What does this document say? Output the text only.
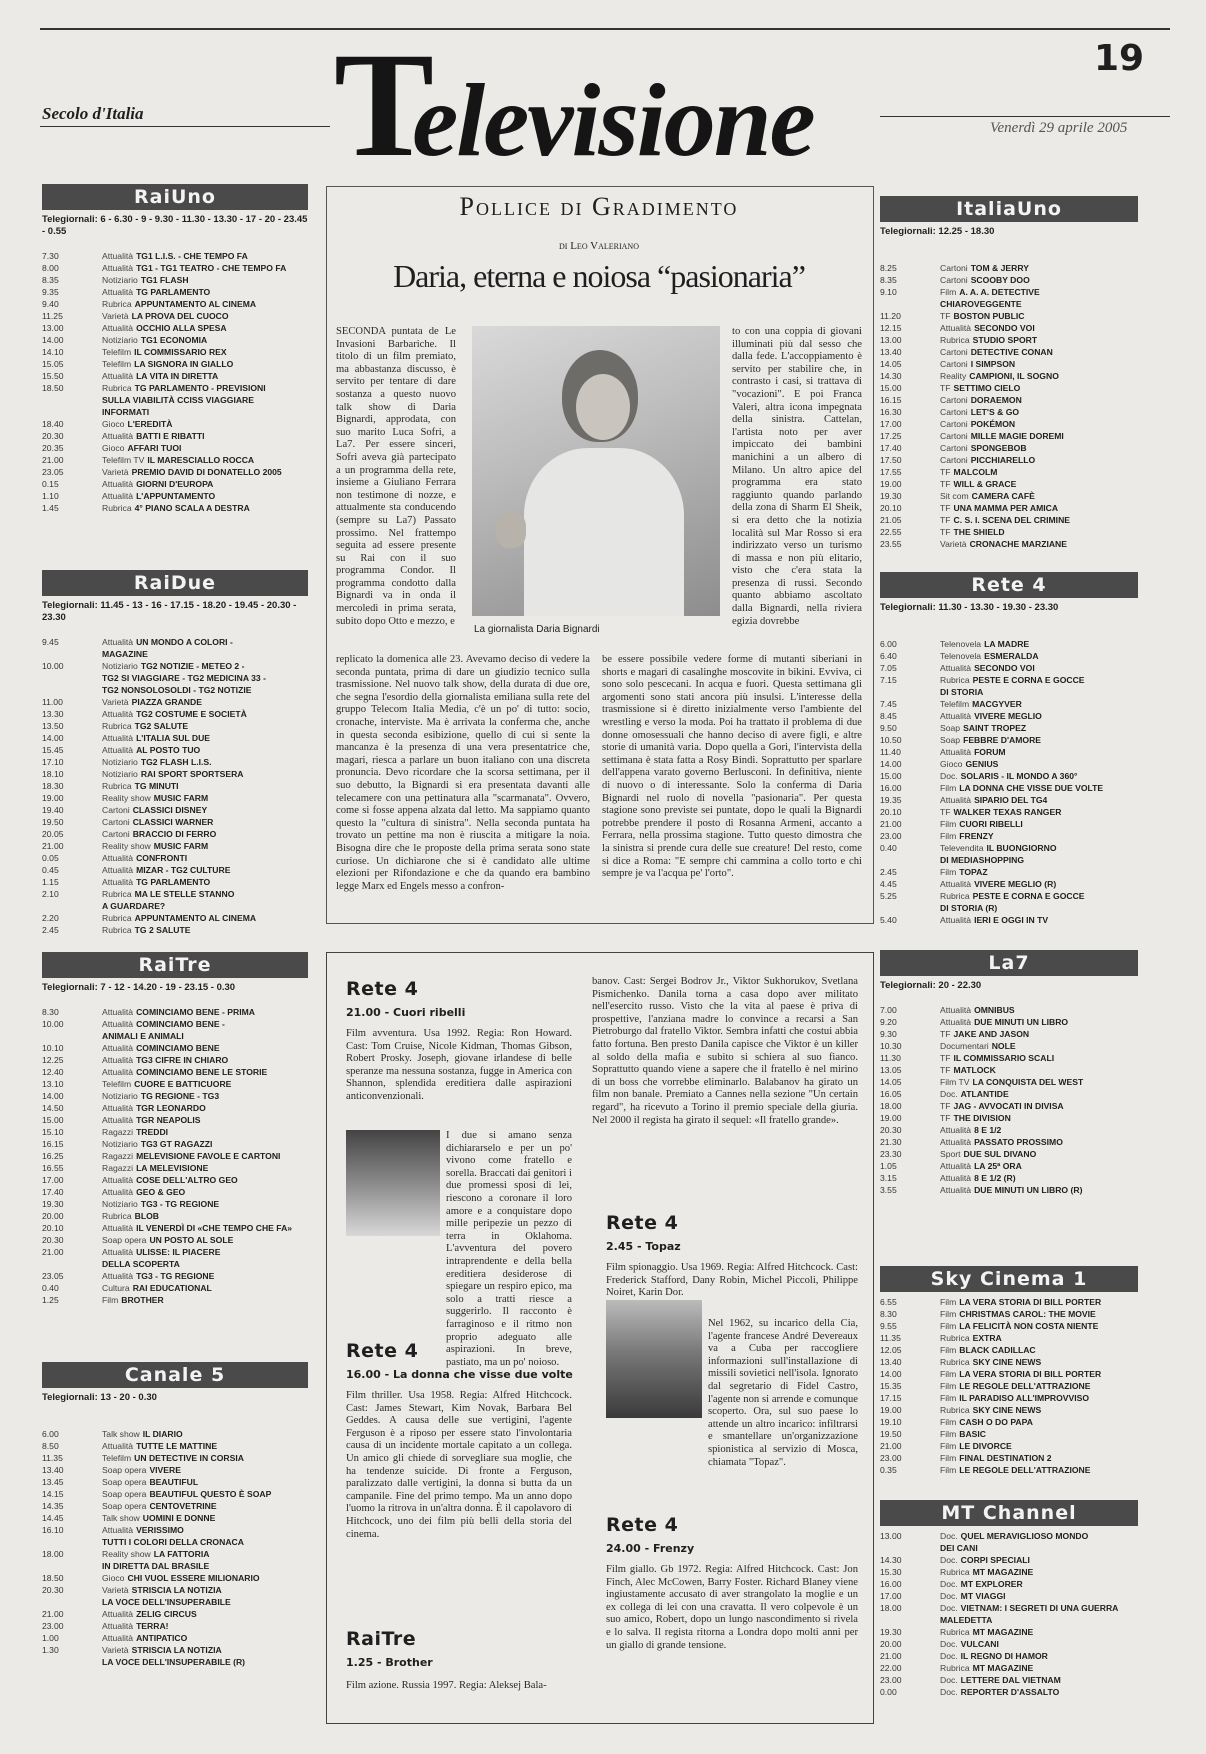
19
Secolo d'Italia
Venerdì 29 aprile 2005
Televisione
RaiUno
Telegiornali: 6 - 6.30 - 9 - 9.30 - 11.30 - 13.30 - 17 - 20 - 23.45 - 0.55
7.30	Attualità TG1 L.I.S. - CHE TEMPO FA
8.00	Attualità TG1 - TG1 TEATRO - CHE TEMPO FA
8.35	Notiziario TG1 FLASH
9.35	Attualità TG PARLAMENTO
9.40	Rubrica APPUNTAMENTO AL CINEMA
11.25	Varietà LA PROVA DEL CUOCO
13.00	Attualità OCCHIO ALLA SPESA
14.00	Notiziario TG1 ECONOMIA
14.10	Telefilm IL COMMISSARIO REX
15.05	Telefilm LA SIGNORA IN GIALLO
15.50	Attualità LA VITA IN DIRETTA
18.50	Rubrica TG PARLAMENTO - PREVISIONI
SULLA VIABILITÀ CCISS VIAGGIARE
INFORMATI
18.40	Gioco L'EREDITÀ
20.30	Attualità BATTI E RIBATTI
20.35	Gioco AFFARI TUOI
21.00	Telefilm TV IL MARESCIALLO ROCCA
23.05	Varietà PREMIO DAVID DI DONATELLO 2005
0.15	Attualità GIORNI D'EUROPA
1.10	Attualità L'APPUNTAMENTO
1.45	Rubrica 4° PIANO SCALA A DESTRA
RaiDue
Telegiornali: 11.45 - 13 - 16 - 17.15 - 18.20 - 19.45 - 20.30 - 23.30
9.45	Attualità UN MONDO A COLORI -
MAGAZINE
10.00	Notiziario TG2 NOTIZIE - METEO 2 -
TG2 SI VIAGGIARE - TG2 MEDICINA 33 -
TG2 NONSOLOSOLDI - TG2 NOTIZIE
11.00	Varietà PIAZZA GRANDE
13.30	Attualità TG2 COSTUME E SOCIETÀ
13.50	Rubrica TG2 SALUTE
14.00	Attualità L'ITALIA SUL DUE
15.45	Attualità AL POSTO TUO
17.10	Notiziario TG2 FLASH L.I.S.
18.10	Notiziario RAI SPORT SPORTSERA
18.30	Rubrica TG MINUTI
19.00	Reality show MUSIC FARM
19.40	Cartoni CLASSICI DISNEY
19.50	Cartoni CLASSICI WARNER
20.05	Cartoni BRACCIO DI FERRO
21.00	Reality show MUSIC FARM
0.05	Attualità CONFRONTI
0.45	Attualità MIZAR - TG2 CULTURE
1.15	Attualità TG PARLAMENTO
2.10	Rubrica MA LE STELLE STANNO
A GUARDARE?
2.20	Rubrica APPUNTAMENTO AL CINEMA
2.45	Rubrica TG 2 SALUTE
RaiTre
Telegiornali: 7 - 12 - 14.20 - 19 - 23.15 - 0.30
8.30	Attualità COMINCIAMO BENE - PRIMA
10.00	Attualità COMINCIAMO BENE -
ANIMALI E ANIMALI
10.10	Attualità COMINCIAMO BENE
12.25	Attualità TG3 CIFRE IN CHIARO
12.40	Attualità COMINCIAMO BENE LE STORIE
13.10	Telefilm CUORE E BATTICUORE
14.00	Notiziario TG REGIONE - TG3
14.50	Attualità TGR LEONARDO
15.00	Attualità TGR NEAPOLIS
15.10	Ragazzi TREDDI
16.15	Notiziario TG3 GT RAGAZZI
16.25	Ragazzi MELEVISIONE FAVOLE E CARTONI
16.55	Ragazzi LA MELEVISIONE
17.00	Attualità COSE DELL'ALTRO GEO
17.40	Attualità GEO & GEO
19.30	Notiziario TG3 - TG REGIONE
20.00	Rubrica BLOB
20.10	Attualità IL VENERDÌ DI «CHE TEMPO CHE FA»
20.30	Soap opera UN POSTO AL SOLE
21.00	Attualità ULISSE: IL PIACERE
DELLA SCOPERTA
23.05	Attualità TG3 - TG REGIONE
0.40	Cultura RAI EDUCATIONAL
1.25	Film BROTHER
Canale 5
Telegiornali: 13 - 20 - 0.30
6.00	Talk show IL DIARIO
8.50	Attualità TUTTE LE MATTINE
11.35	Telefilm UN DETECTIVE IN CORSIA
13.40	Soap opera VIVERE
13.45	Soap opera BEAUTIFUL
14.15	Soap opera BEAUTIFUL QUESTO È SOAP
14.35	Soap opera CENTOVETRINE
14.45	Talk show UOMINI E DONNE
16.10	Attualità VERISSIMO
TUTTI I COLORI DELLA CRONACA
18.00	Reality show LA FATTORIA
IN DIRETTA DAL BRASILE
18.50	Gioco CHI VUOL ESSERE MILIONARIO
20.30	Varietà STRISCIA LA NOTIZIA
LA VOCE DELL'INSUPERABILE
21.00	Attualità ZELIG CIRCUS
23.00	Attualità TERRA!
1.00	Attualità ANTIPATICO
1.30	Varietà STRISCIA LA NOTIZIA
LA VOCE DELL'INSUPERABILE (R)
Pollice di Gradimento
di Leo Valeriano
Daria, eterna e noiosa “pasionaria”
SECONDA puntata de Le Invasioni Barbariche. Il titolo di un film premiato, ma abbastanza discusso, è servito per tentare di dare sostanza a questo nuovo talk show di Daria Bignardi, approdata, con suo marito Luca Sofri, a La7. Per essere sinceri, Sofri aveva già partecipato a un programma della rete, insieme a Giuliano Ferrara non testimone di nozze, e attualmente sta conducendo (sempre su La7) Passato prossimo. Nel frattempo seguita ad essere presente su Rai con il suo programma Condor. Il programma condotto dalla Bignardi va in onda il mercoledì in prima serata, subito dopo Otto e mezzo, e
La giornalista Daria Bignardi
to con una coppia di giovani illuminati più dal sesso che dalla fede. L'accoppiamento è servito per stabilire che, in contrasto i casi, si trattava di "vocazioni". E poi Franca Valeri, altra icona impegnata della sinistra. Cattelan, l'artista noto per aver impiccato dei bambini manichini a un albero di Milano. Un altro apice del programma era stato raggiunto quando parlando della zona di Sharm El Sheik, si era detto che la notizia località sul Mar Rosso si era indirizzato verso un turismo di massa e non più elitario, visto che c'era stata la presenza di russi. Secondo quanto abbiamo ascoltato dalla Bignardi, nella riviera egizia dovrebbe
replicato la domenica alle 23. Avevamo deciso di vedere la seconda puntata, prima di dare un giudizio tecnico sulla trasmissione. Nel nuovo talk show, della durata di due ore, che segna l'esordio della giornalista emiliana sulla rete del gruppo Telecom Italia Media, c'è un po' di tutto: socio, cronache, interviste. Ma è arrivata la conferma che, anche in questa seconda esibizione, quello di cui si sente la mancanza è la presenza di una vera presentatrice che, magari, riesca a parlare un buon italiano con una discreta pronuncia. Devo ricordare che la scorsa settimana, per il suo debutto, la Bignardi si era presentata davanti alle telecamere con una pettinatura alla "scarmanata". Ovvero, come si fosse appena alzata dal letto. Ma sappiamo quanto questo la "cultura di sinistra". Nella seconda puntata ha trovato un pettine ma non è riuscita a mitigare la noia. Bisogna dire che le proposte della prima serata sono state curiose. Un dichiarone che si è candidato alle ultime elezioni per Rifondazione e che da quando era bambino legge Marx ed Engels messo a confron-
be essere possibile vedere forme di mutanti siberiani in shorts e magari di casalinghe moscovite in bikini. Evviva, ci sono solo pescecani. In acqua e fuori. Questa settimana gli argomenti sono stati ancora più insulsi. L'interesse della trasmissione si è diretto inizialmente verso l'ambiente del wrestling e verso la moda. Poi ha trattato il problema di due donne omosessuali che hanno deciso di avere figli, e altre storie di umanità varia. Dopo quella a Gori, l'intervista della settimana è stata fatta a Rosy Bindi. Soprattutto per sparlare dell'appena varato governo Berlusconi. In definitiva, niente di nuovo o di interessante. Solo la conferma di Daria Bignardi nel ruolo di novella "pasionaria". Per questa stagione sono previste sei puntate, dopo le quali la Bignardi potrebbe prendere il posto di Rosanna Armeni, accanto a Ferrara, nella prossima stagione. Tutto questo dimostra che la sinistra si prende cura delle sue creature! Del resto, come si dice a Roma: "E sempre chi cammina a collo torto e chi sempre je va l'acqua pe' l'orto".
Rete 4
21.00 - Cuori ribelli
Film avventura. Usa 1992. Regia: Ron Howard. Cast: Tom Cruise, Nicole Kidman, Thomas Gibson, Robert Prosky. Joseph, giovane irlandese di belle speranze ma nessuna sostanza, fugge in America con Shannon, splendida ereditiera dalle aspirazioni anticonvenzionali.
I due si amano senza dichiararselo e per un po' vivono come fratello e sorella. Braccati dai genitori i due promessi sposi di lei, riescono a coronare il loro amore e a conquistare dopo mille peripezie un pezzo di terra in Oklahoma. L'avventura del povero intraprendente e della bella ereditiera desiderose di spiegare un respiro epico, ma solo a tratti riesce a suggerirlo. Il racconto è farraginoso e il ritmo non proprio adeguato alle aspirazioni. In breve, pastiato, ma un po' noioso.
Rete 4
16.00 - La donna che visse due volte
Film thriller. Usa 1958. Regia: Alfred Hitchcock. Cast: James Stewart, Kim Novak, Barbara Bel Geddes. A causa delle sue vertigini, l'agente Ferguson è a riposo per essere stato l'involontaria causa di un incidente mortale capitato a un collega. Un amico gli chiede di sorvegliare sua moglie, che ha tendenze suicide. Di fronte a Ferguson, paralizzato dalle vertigini, la donna si butta da un campanile. Fine del primo tempo. Ma un anno dopo l'uomo la ritrova in un'altra donna. È il capolavoro di Hitchcock, uno dei film più belli della storia del cinema.
RaiTre
1.25 - Brother
Film azione. Russia 1997. Regia: Aleksej Bala-
banov. Cast: Sergei Bodrov Jr., Viktor Sukhorukov, Svetlana Pismichenko. Danila torna a casa dopo aver militato nell'esercito russo. Visto che la vita al paese è priva di prospettive, l'anziana madre lo convince a recarsi a San Pietroburgo dal fratello Viktor. Sembra infatti che costui abbia fatto fortuna. Ben presto Danila capisce che Viktor è un killer al soldo della mafia e subito si schiera al suo fianco. Soprattutto quando viene a sapere che il fratello è nel mirino di un boss che vorrebbe eliminarlo. Balabanov ha girato un film non banale. Premiato a Cannes nella sezione "Un certain regard", ha ricevuto a Torino il premio speciale della giuria. Nel 2000 il regista ha girato il sequel: «Il fratello grande».
Rete 4
2.45 - Topaz
Film spionaggio. Usa 1969. Regia: Alfred Hitchcock. Cast: Frederick Stafford, Dany Robin, Michel Piccoli, Philippe Noiret, Karin Dor.
Nel 1962, su incarico della Cia, l'agente francese André Devereaux va a Cuba per raccogliere informazioni sull'installazione di missili sovietici nell'isola. Ignorato dal segretario di Fidel Castro, l'agente non si arrende e comunque scoperto. Ora, sul suo paese lo attende un altro incarico: infiltrarsi e smantellare un'organizzazione spionistica al servizio di Mosca, chiamata "Topaz".
Rete 4
24.00 - Frenzy
Film giallo. Gb 1972. Regia: Alfred Hitchcock. Cast: Jon Finch, Alec McCowen, Barry Foster. Richard Blaney viene ingiustamente accusato di aver strangolato la moglie e un ex collega di lei con una cravatta. Il vero colpevole è un suo amico, Robert, dopo un lungo nascondimento si rivela e lo salva. Il regista ritorna a Londra dopo molti anni per un giallo di grande tensione.
ItaliaUno
Telegiornali: 12.25 - 18.30
8.25	Cartoni TOM & JERRY
8.35	Cartoni SCOOBY DOO
9.10	Film A. A. A. DETECTIVE
CHIAROVEGGENTE
11.20	TF BOSTON PUBLIC
12.15	Attualità SECONDO VOI
13.00	Rubrica STUDIO SPORT
13.40	Cartoni DETECTIVE CONAN
14.05	Cartoni I SIMPSON
14.30	Reality CAMPIONI, IL SOGNO
15.00	TF SETTIMO CIELO
16.15	Cartoni DORAEMON
16.30	Cartoni LET'S & GO
17.00	Cartoni POKÉMON
17.25	Cartoni MILLE MAGIE DOREMI
17.40	Cartoni SPONGEBOB
17.50	Cartoni PICCHIARELLO
17.55	TF MALCOLM
19.00	TF WILL & GRACE
19.30	Sit com CAMERA CAFÈ
20.10	TF UNA MAMMA PER AMICA
21.05	TF C. S. I. SCENA DEL CRIMINE
22.55	TF THE SHIELD
23.55	Varietà CRONACHE MARZIANE
Rete 4
Telegiornali: 11.30 - 13.30 - 19.30 - 23.30
6.00	Telenovela LA MADRE
6.40	Telenovela ESMERALDA
7.05	Attualità SECONDO VOI
7.15	Rubrica PESTE E CORNA E GOCCE
DI STORIA
7.45	Telefilm MACGYVER
8.45	Attualità VIVERE MEGLIO
9.50	Soap SAINT TROPEZ
10.50	Soap FEBBRE D'AMORE
11.40	Attualità FORUM
14.00	Gioco GENIUS
15.00	Doc. SOLARIS - IL MONDO A 360°
16.00	Film LA DONNA CHE VISSE DUE VOLTE
19.35	Attualità SIPARIO DEL TG4
20.10	TF WALKER TEXAS RANGER
21.00	Film CUORI RIBELLI
23.00	Film FRENZY
0.40	Televendita IL BUONGIORNO
DI MEDIASHOPPING
2.45	Film TOPAZ
4.45	Attualità VIVERE MEGLIO (R)
5.25	Rubrica PESTE E CORNA E GOCCE
DI STORIA (R)
5.40	Attualità IERI E OGGI IN TV
La7
Telegiornali: 20 - 22.30
7.00	Attualità OMNIBUS
9.20	Attualità DUE MINUTI UN LIBRO
9.30	TF JAKE AND JASON
10.30	Documentari NOLE
11.30	TF IL COMMISSARIO SCALI
13.05	TF MATLOCK
14.05	Film TV LA CONQUISTA DEL WEST
16.05	Doc. ATLANTIDE
18.00	TF JAG - AVVOCATI IN DIVISA
19.00	TF THE DIVISION
20.30	Attualità 8 E 1/2
21.30	Attualità PASSATO PROSSIMO
23.30	Sport DUE SUL DIVANO
1.05	Attualità LA 25ª ORA
3.15	Attualità 8 E 1/2 (R)
3.55	Attualità DUE MINUTI UN LIBRO (R)
Sky Cinema 1
6.55	Film LA VERA STORIA DI BILL PORTER
8.30	Film CHRISTMAS CAROL: THE MOVIE
9.55	Film LA FELICITÀ NON COSTA NIENTE
11.35	Rubrica EXTRA
12.05	Film BLACK CADILLAC
13.40	Rubrica SKY CINE NEWS
14.00	Film LA VERA STORIA DI BILL PORTER
15.35	Film LE REGOLE DELL'ATTRAZIONE
17.15	Film IL PARADISO ALL'IMPROVVISO
19.00	Rubrica SKY CINE NEWS
19.10	Film CASH O DO PAPA
19.50	Film BASIC
21.00	Film LE DIVORCE
23.00	Film FINAL DESTINATION 2
0.35	Film LE REGOLE DELL'ATTRAZIONE
MT Channel
13.00	Doc. QUEL MERAVIGLIOSO MONDO
DEI CANI
14.30	Doc. CORPI SPECIALI
15.30	Rubrica MT MAGAZINE
16.00	Doc. MT EXPLORER
17.00	Doc. MT VIAGGI
18.00	Doc. VIETNAM: I SEGRETI DI UNA GUERRA
MALEDETTA
19.30	Rubrica MT MAGAZINE
20.00	Doc. VULCANI
21.00	Doc. IL REGNO DI HAMOR
22.00	Rubrica MT MAGAZINE
23.00	Doc. LETTERE DAL VIETNAM
0.00	Doc. REPORTER D'ASSALTO
